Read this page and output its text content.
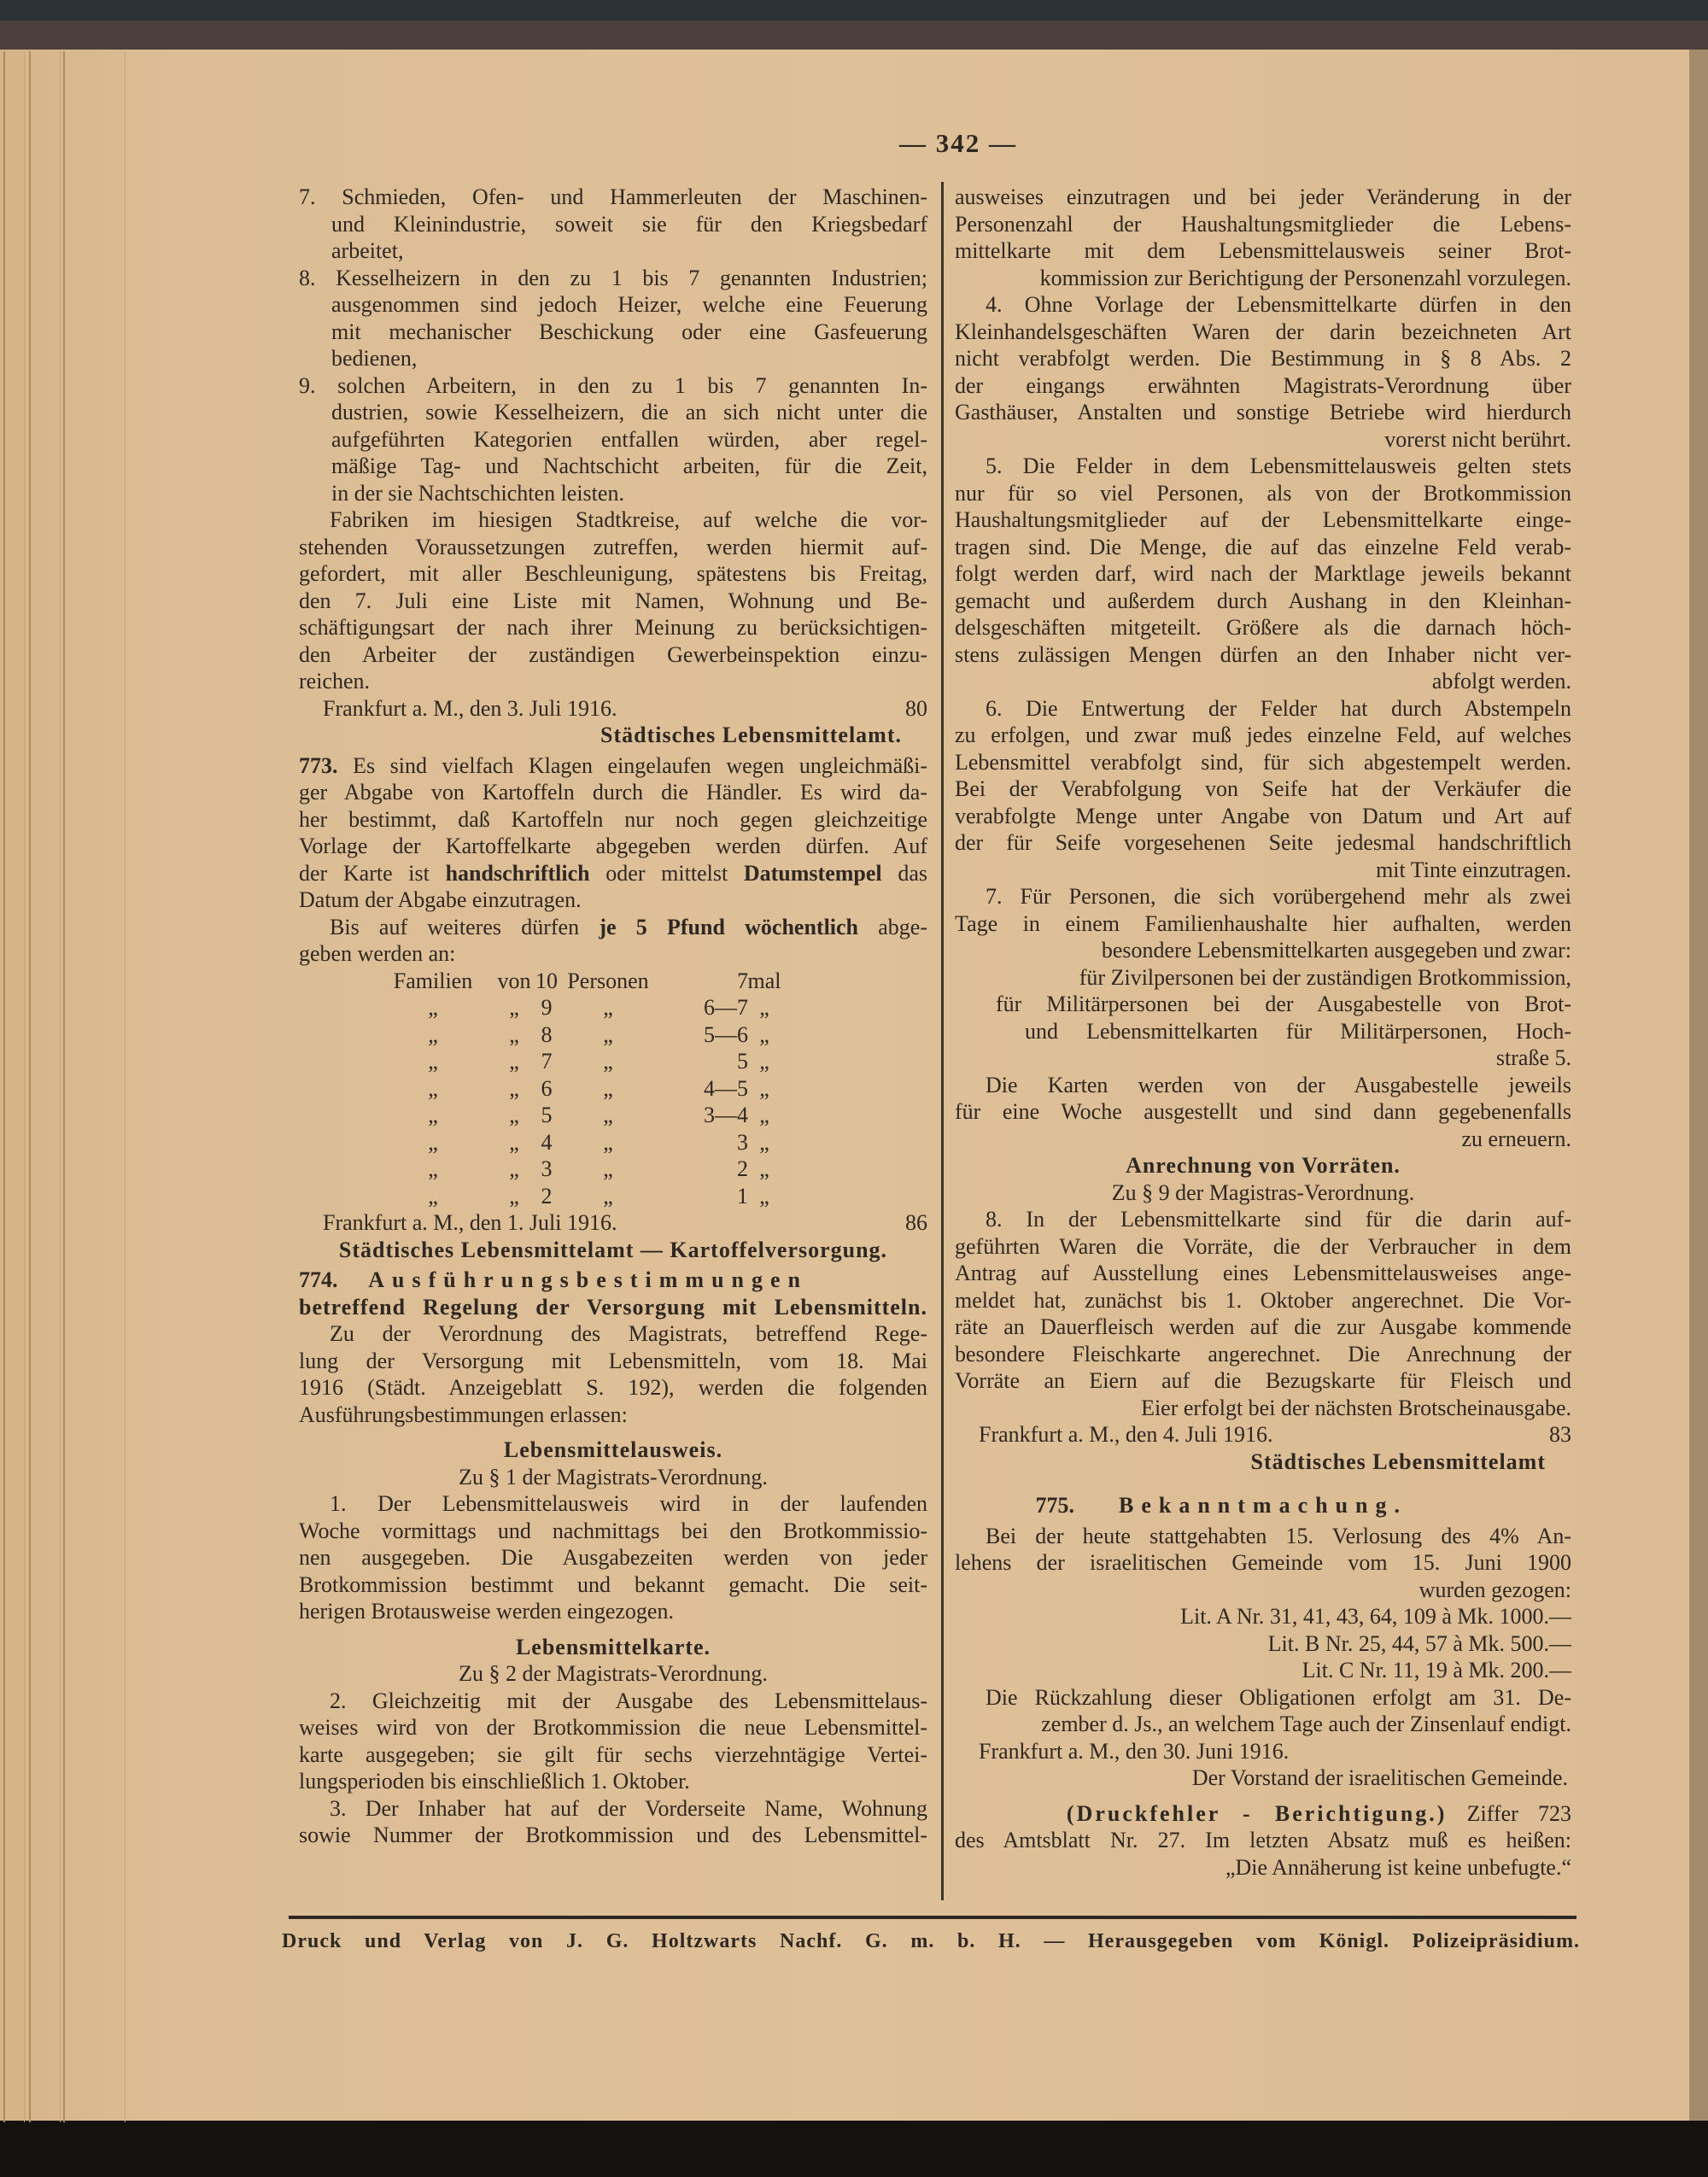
— 342 —
7. Schmieden, Ofen- und Hammerleuten der Maschinen-
und Kleinindustrie, soweit sie für den Kriegsbedarf
arbeitet,
8. Kesselheizern in den zu 1 bis 7 genannten Industrien;
ausgenommen sind jedoch Heizer, welche eine Feuerung
mit mechanischer Beschickung oder eine Gasfeuerung
bedienen,
9. solchen Arbeitern, in den zu 1 bis 7 genannten In-
dustrien, sowie Kesselheizern, die an sich nicht unter die
aufgeführten Kategorien entfallen würden, aber regel-
mäßige Tag- und Nachtschicht arbeiten, für die Zeit,
in der sie Nachtschichten leisten.
Fabriken im hiesigen Stadtkreise, auf welche die vor-
stehenden Voraussetzungen zutreffen, werden hiermit auf-
gefordert, mit aller Beschleunigung, spätestens bis Freitag,
den 7. Juli eine Liste mit Namen, Wohnung und Be-
schäftigungsart der nach ihrer Meinung zu berücksichtigen-
den Arbeiter der zuständigen Gewerbeinspektion einzu-
reichen.
Frankfurt a. M., den 3. Juli 1916.	80
Städtisches Lebensmittelamt.
773. Es sind vielfach Klagen eingelaufen wegen ungleichmäßi-
ger Abgabe von Kartoffeln durch die Händler. Es wird da-
her bestimmt, daß Kartoffeln nur noch gegen gleichzeitige
Vorlage der Kartoffelkarte abgegeben werden dürfen. Auf
der Karte ist handschriftlich oder mittelst Datumstempel das
Datum der Abgabe einzutragen.
Bis auf weiteres dürfen je 5 Pfund wöchentlich abge-
geben werden an:
Familien von 10 Personen	7 mal
„	„ 9 „	6—7 „
„	„ 8 „	5—6 „
„	„ 7 „	5 „
„	„ 6 „	4—5 „
„	„ 5 „	3—4 „
„	„ 4 „	3 „
„	„ 3 „	2 „
„	„ 2 „	1 „
Frankfurt a. M., den 1. Juli 1916.	86
Städtisches Lebensmittelamt — Kartoffelversorgung.
774.	Ausführungsbestimmungen
betreffend Regelung der Versorgung mit Lebensmitteln.
Zu der Verordnung des Magistrats, betreffend Rege-
lung der Versorgung mit Lebensmitteln, vom 18. Mai
1916 (Städt. Anzeigeblatt S. 192), werden die folgenden
Ausführungsbestimmungen erlassen:
Lebensmittelausweis.
Zu § 1 der Magistrats-Verordnung.
1. Der Lebensmittelausweis wird in der laufenden
Woche vormittags und nachmittags bei den Brotkommissio-
nen ausgegeben. Die Ausgabezeiten werden von jeder
Brotkommission bestimmt und bekannt gemacht. Die seit-
herigen Brotausweise werden eingezogen.
Lebensmittelkarte.
Zu § 2 der Magistrats-Verordnung.
2. Gleichzeitig mit der Ausgabe des Lebensmittelaus-
weises wird von der Brotkommission die neue Lebensmittel-
karte ausgegeben; sie gilt für sechs vierzehntägige Vertei-
lungsperioden bis einschließlich 1. Oktober.
3. Der Inhaber hat auf der Vorderseite Name, Wohnung
sowie Nummer der Brotkommission und des Lebensmittel-
ausweises einzutragen und bei jeder Veränderung in der
Personenzahl der Haushaltungsmitglieder die Lebens-
mittelkarte mit dem Lebensmittelausweis seiner Brot-
kommission zur Berichtigung der Personenzahl vorzulegen.
4. Ohne Vorlage der Lebensmittelkarte dürfen in den
Kleinhandelsgeschäften Waren der darin bezeichneten Art
nicht verabfolgt werden. Die Bestimmung in § 8 Abs. 2
der eingangs erwähnten Magistrats-Verordnung über
Gasthäuser, Anstalten und sonstige Betriebe wird hierdurch
vorerst nicht berührt.
5. Die Felder in dem Lebensmittelausweis gelten stets
nur für so viel Personen, als von der Brotkommission
Haushaltungsmitglieder auf der Lebensmittelkarte einge-
tragen sind. Die Menge, die auf das einzelne Feld verab-
folgt werden darf, wird nach der Marktlage jeweils bekannt
gemacht und außerdem durch Aushang in den Kleinhan-
delsgeschäften mitgeteilt. Größere als die darnach höch-
stens zulässigen Mengen dürfen an den Inhaber nicht ver-
abfolgt werden.
6. Die Entwertung der Felder hat durch Abstempeln
zu erfolgen, und zwar muß jedes einzelne Feld, auf welches
Lebensmittel verabfolgt sind, für sich abgestempelt werden.
Bei der Verabfolgung von Seife hat der Verkäufer die
verabfolgte Menge unter Angabe von Datum und Art auf
der für Seife vorgesehenen Seite jedesmal handschriftlich
mit Tinte einzutragen.
7. Für Personen, die sich vorübergehend mehr als zwei
Tage in einem Familienhaushalte hier aufhalten, werden
besondere Lebensmittelkarten ausgegeben und zwar:
für Zivilpersonen bei der zuständigen Brotkommission,
für Militärpersonen bei der Ausgabestelle von Brot-
und Lebensmittelkarten für Militärpersonen, Hoch-
straße 5.
Die Karten werden von der Ausgabestelle jeweils
für eine Woche ausgestellt und sind dann gegebenenfalls
zu erneuern.
Anrechnung von Vorräten.
Zu § 9 der Magistras-Verordnung.
8. In der Lebensmittelkarte sind für die darin auf-
geführten Waren die Vorräte, die der Verbraucher in dem
Antrag auf Ausstellung eines Lebensmittelausweises ange-
meldet hat, zunächst bis 1. Oktober angerechnet. Die Vor-
räte an Dauerfleisch werden auf die zur Ausgabe kommende
besondere Fleischkarte angerechnet. Die Anrechnung der
Vorräte an Eiern auf die Bezugskarte für Fleisch und
Eier erfolgt bei der nächsten Brotscheinausgabe.
Frankfurt a. M., den 4. Juli 1916.	83
Städtisches Lebensmittelamt
775.	Bekanntmachung.
Bei der heute stattgehabten 15. Verlosung des 4% An-
lehens der israelitischen Gemeinde vom 15. Juni 1900
wurden gezogen:
Lit. A Nr. 31, 41, 43, 64, 109 à Mk. 1000.—
Lit. B Nr. 25, 44, 57 à Mk. 500.—
Lit. C Nr. 11, 19 à Mk. 200.—
Die Rückzahlung dieser Obligationen erfolgt am 31. De-
zember d. Js., an welchem Tage auch der Zinsenlauf endigt.
Frankfurt a. M., den 30. Juni 1916.
Der Vorstand der israelitischen Gemeinde.
(Druckfehler - Berichtigung.) Ziffer 723
des Amtsblatt Nr. 27. Im letzten Absatz muß es heißen:
„Die Annäherung ist keine unbefugte.“
Druck und Verlag von J. G. Holtzwarts Nachf. G. m. b. H. — Herausgegeben vom Königl. Polizeipräsidium.
